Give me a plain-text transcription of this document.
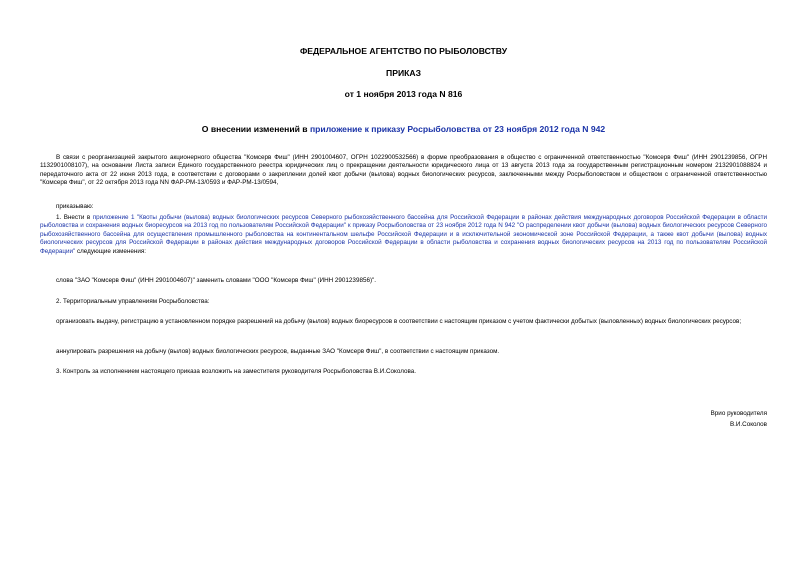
ФЕДЕРАЛЬНОЕ АГЕНТСТВО ПО РЫБОЛОВСТВУ
ПРИКАЗ
от 1 ноября 2013 года N 816
О внесении изменений в приложение к приказу Росрыболовства от 23 ноября 2012 года N 942
В связи с реорганизацией закрытого акционерного общества "Комсерв Фиш" (ИНН 2901004607, ОГРН 1022900532566) в форме преобразования в общество с ограниченной ответственностью "Комсерв Фиш" (ИНН 2901239856, ОГРН 1132901008107), на основании Листа записи Единого государственного реестра юридических лиц о прекращении деятельности юридического лица от 13 августа 2013 года за государственным регистрационным номером 2132901088824 и передаточного акта от 22 июня 2013 года, в соответствии с договорами о закреплении долей квот добычи (вылова) водных биологических ресурсов, заключенными между Росрыболовством и обществом с ограниченной ответственностью "Комсерв Фиш", от 22 октября 2013 года NN ФАР-РМ-13/0593 и ФАР-РМ-13/0594,
приказываю:
1. Внести в приложение 1 "Квоты добычи (вылова) водных биологических ресурсов Северного рыбохозяйственного бассейна для Российской Федерации в районах действия международных договоров Российской Федерации в области рыболовства и сохранения водных биоресурсов на 2013 год по пользователям Российской Федерации" к приказу Росрыболовства от 23 ноября 2012 года N 942 "О распределении квот добычи (вылова) водных биологических ресурсов Северного рыбохозяйственного бассейна для осуществления промышленного рыболовства на континентальном шельфе Российской Федерации и в исключительной экономической зоне Российской Федерации, а также квот добычи (вылова) водных биологических ресурсов для Российской Федерации в районах действия международных договоров Российской Федерации в области рыболовства и сохранения водных биологических ресурсов на 2013 год по пользователям Российской Федерации" следующие изменения:
слова "ЗАО "Комсерв Фиш" (ИНН 2901004607)" заменить словами "ООО "Комсерв Фиш" (ИНН 2901239856)".
2. Территориальным управлениям Росрыболовства:
организовать выдачу, регистрацию в установленном порядке разрешений на добычу (вылов) водных биоресурсов в соответствии с настоящим приказом с учетом фактически добытых (выловленных) водных биологических ресурсов;
аннулировать разрешения на добычу (вылов) водных биологических ресурсов, выданные ЗАО "Комсерв Фиш", в соответствии с настоящим приказом.
3. Контроль за исполнением настоящего приказа возложить на заместителя руководителя Росрыболовства В.И.Соколова.
Врио руководителя
В.И.Соколов
